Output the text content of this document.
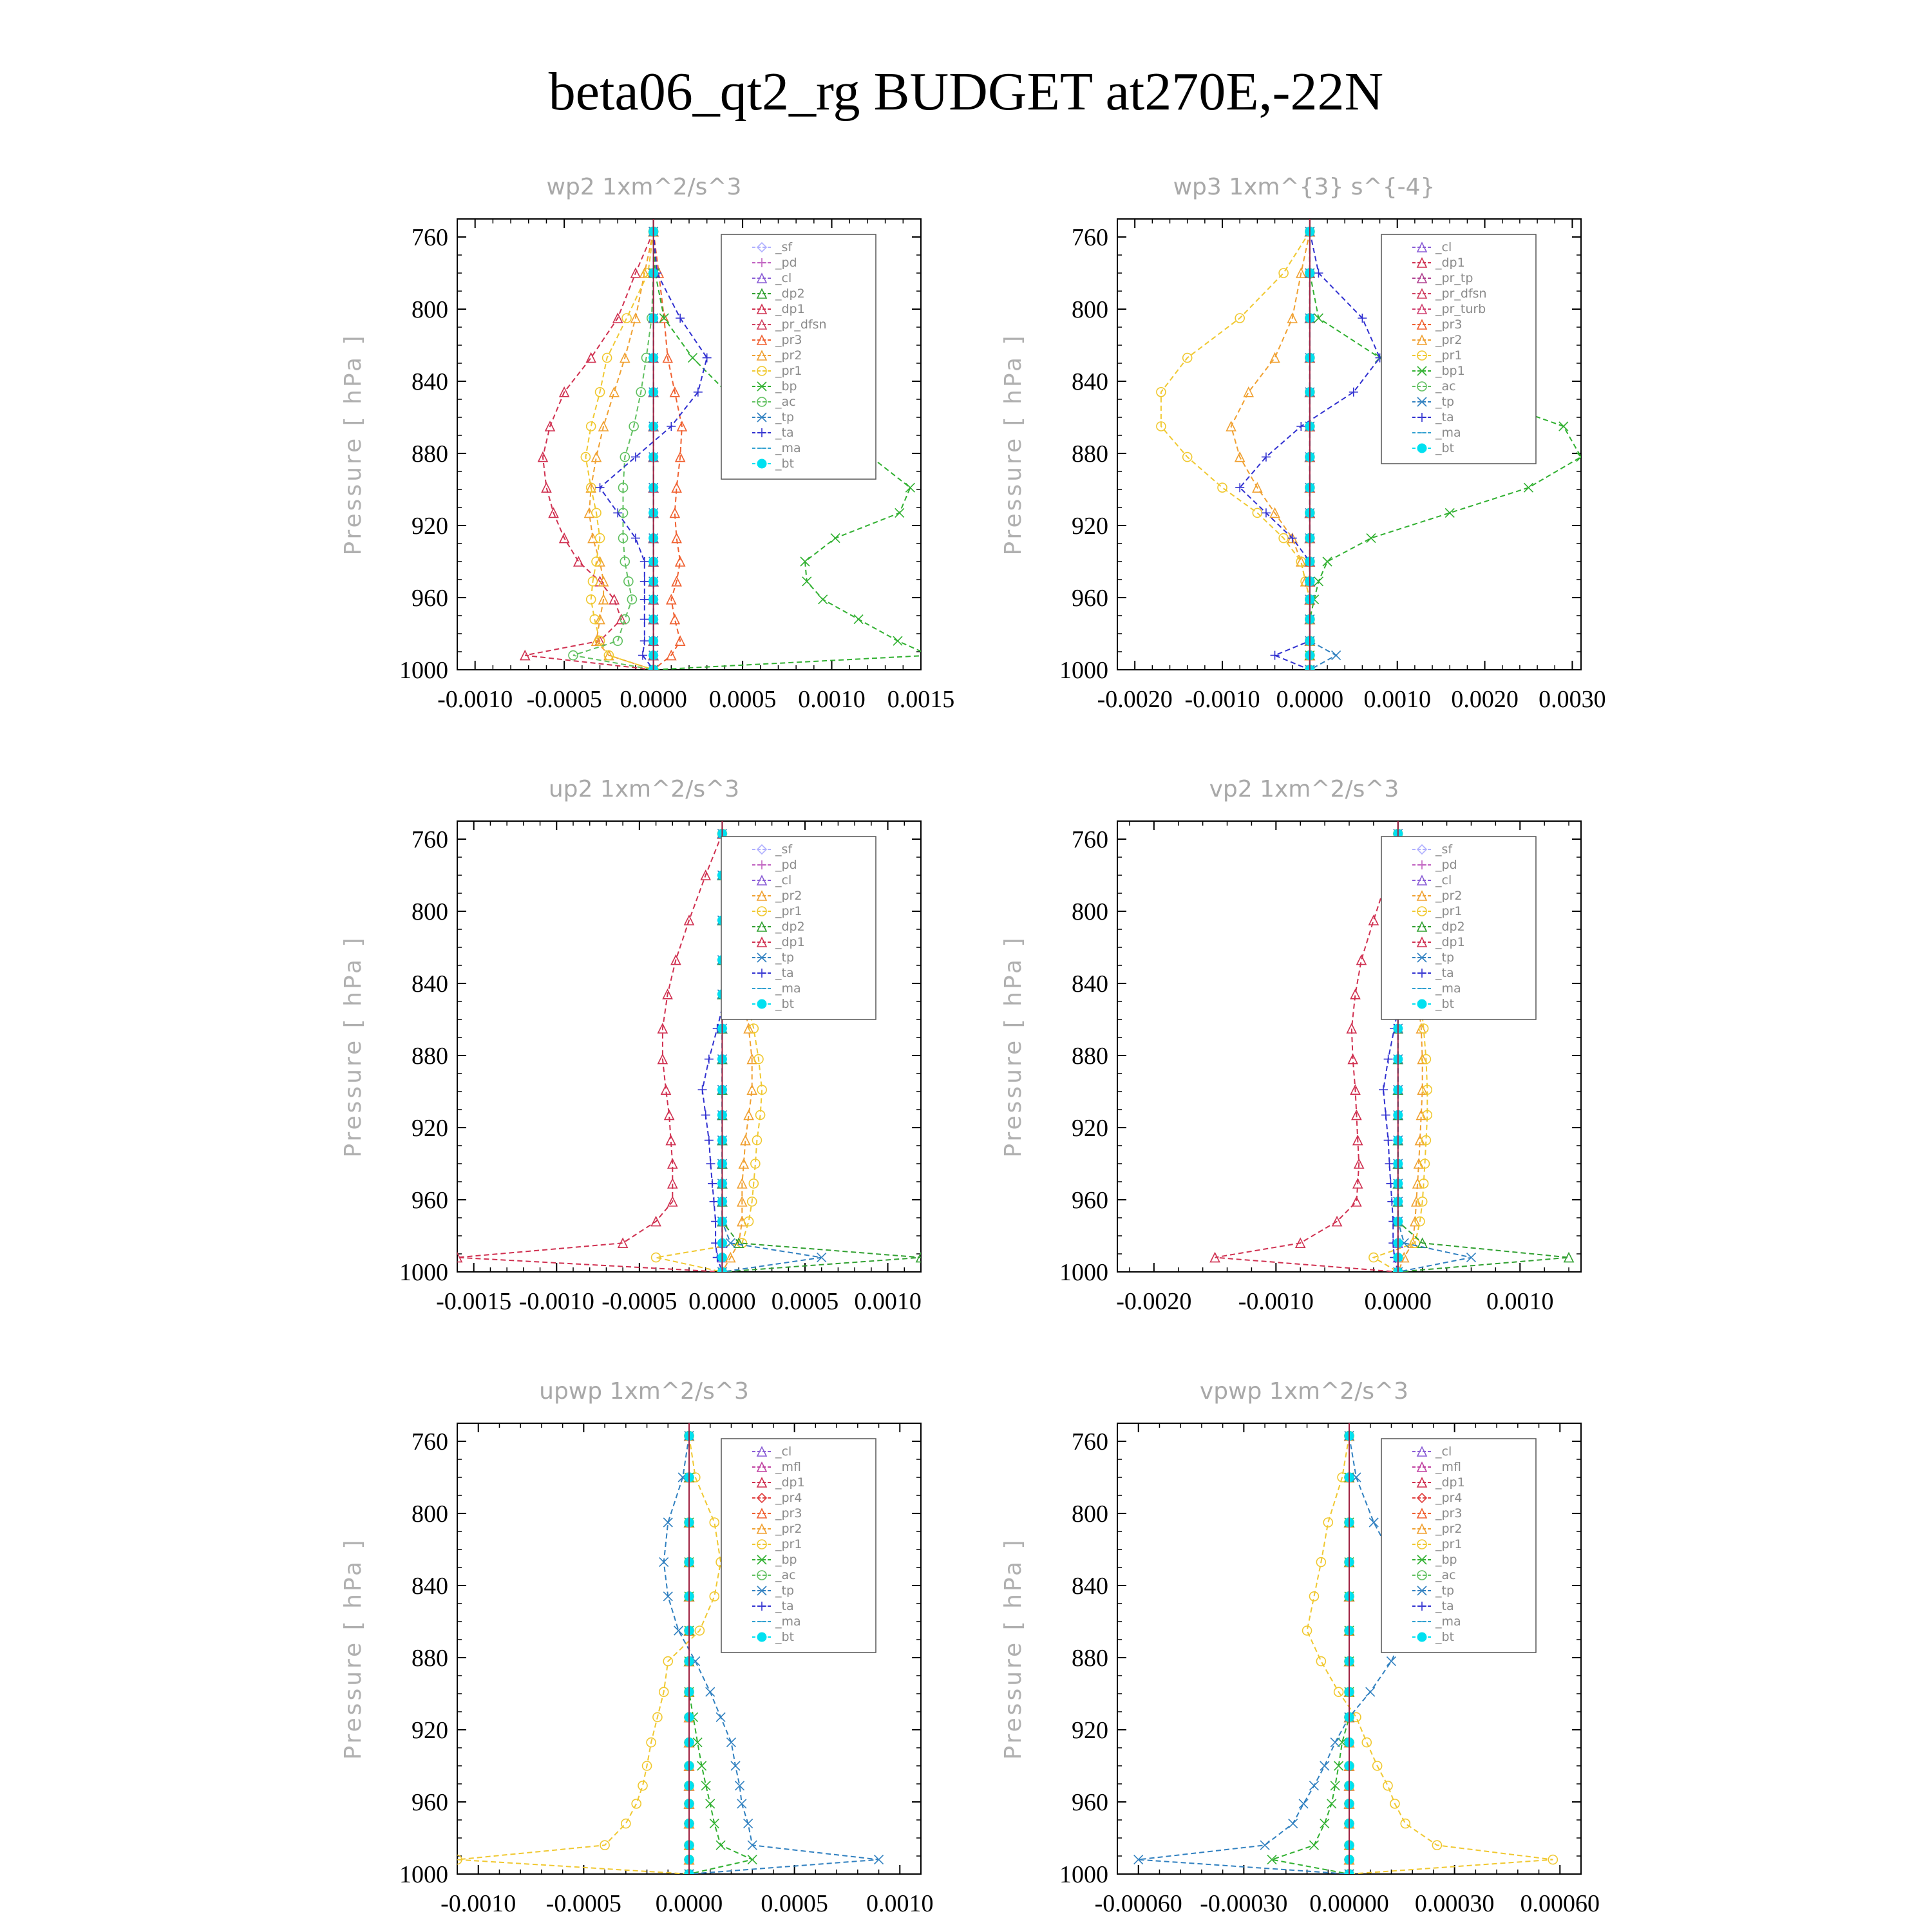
beta06_qt2_rg BUDGET at270E,-22N
wp2 1xm^2/s^3
Pressure [ hPa ]
760
800
840
880
920
960
1000
-0.0010 -0.0005 0.0000 0.0005 0.0010 0.0015
_sf
_pd
_cl
_dp2
_dp1
_pr_dfsn
_pr3
_pr2
_pr1
_bp
_ac
_tp
_ta
_ma
_bt
wp3 1xm^{3} s^{-4}
Pressure [ hPa ]
760
800
840
880
920
960
1000
-0.0020 -0.0010 0.0000 0.0010 0.0020 0.0030
_cl
_dp1
_pr_tp
_pr_dfsn
_pr_turb
_pr3
_pr2
_pr1
_bp1
_ac
_tp
_ta
_ma
_bt
up2 1xm^2/s^3
Pressure [ hPa ]
760
800
840
880
920
960
1000
-0.0015 -0.0010 -0.0005 0.0000 0.0005 0.0010
_sf
_pd
_cl
_pr2
_pr1
_dp2
_dp1
_tp
_ta
_ma
_bt
vp2 1xm^2/s^3
Pressure [ hPa ]
760
800
840
880
920
960
1000
-0.0020 -0.0010 0.0000 0.0010
_sf
_pd
_cl
_pr2
_pr1
_dp2
_dp1
_tp
_ta
_ma
_bt
upwp 1xm^2/s^3
Pressure [ hPa ]
760
800
840
880
920
960
1000
-0.0010 -0.0005 0.0000 0.0005 0.0010
_cl
_mfl
_dp1
_pr4
_pr3
_pr2
_pr1
_bp
_ac
_tp
_ta
_ma
_bt
vpwp 1xm^2/s^3
Pressure [ hPa ]
760
800
840
880
920
960
1000
-0.00060 -0.00030 0.00000 0.00030 0.00060
_cl
_mfl
_dp1
_pr4
_pr3
_pr2
_pr1
_bp
_ac
_tp
_ta
_ma
_bt
